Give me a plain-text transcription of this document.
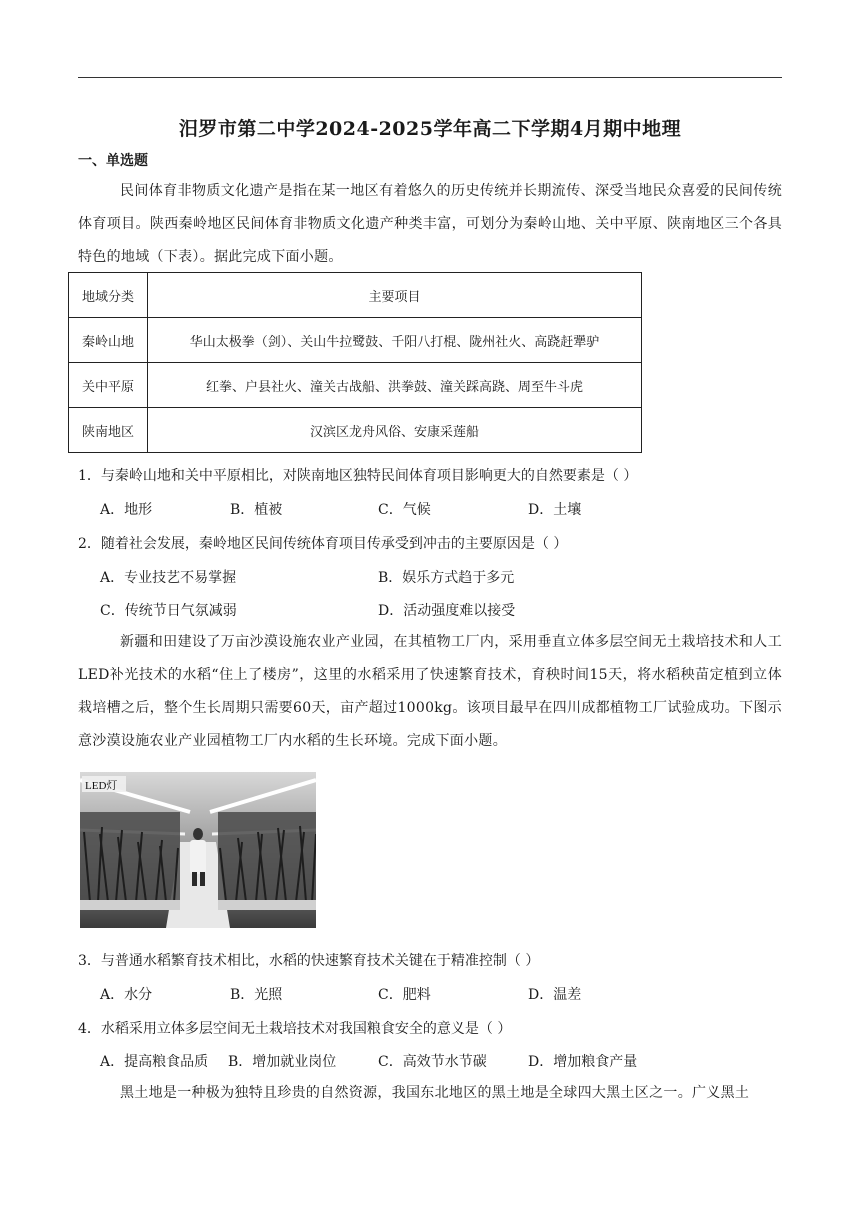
汨罗市第二中学2024-2025学年高二下学期4月期中地理
一、单选题
民间体育非物质文化遗产是指在某一地区有着悠久的历史传统并长期流传、深受当地民众喜爱的民间传统体育项目。陕西秦岭地区民间体育非物质文化遗产种类丰富，可划分为秦岭山地、关中平原、陕南地区三个各具特色的地域（下表）。据此完成下面小题。
地域分类	主要项目
秦岭山地	华山太极拳（剑）、关山牛拉鹭鼓、千阳八打棍、陇州社火、高跷赶犟驴
关中平原	红拳、户县社火、潼关古战船、洪拳鼓、潼关踩高跷、周至牛斗虎
陕南地区	汉滨区龙舟风俗、安康采莲船
1．与秦岭山地和关中平原相比，对陕南地区独特民间体育项目影响更大的自然要素是（ ）
A．地形	B．植被	C．气候	D．土壤
2．随着社会发展，秦岭地区民间传统体育项目传承受到冲击的主要原因是（ ）
A．专业技艺不易掌握	B．娱乐方式趋于多元
C．传统节日气氛减弱	D．活动强度难以接受
新疆和田建设了万亩沙漠设施农业产业园，在其植物工厂内，采用垂直立体多层空间无土栽培技术和人工LED补光技术的水稻“住上了楼房”，这里的水稻采用了快速繁育技术，育秧时间15天，将水稻秧苗定植到立体栽培槽之后，整个生长周期只需要60天，亩产超过1000kg。该项目最早在四川成都植物工厂试验成功。下图示意沙漠设施农业产业园植物工厂内水稻的生长环境。完成下面小题。
LED灯
3．与普通水稻繁育技术相比，水稻的快速繁育技术关键在于精准控制（ ）
A．水分	B．光照	C．肥料	D．温差
4．水稻采用立体多层空间无土栽培技术对我国粮食安全的意义是（ ）
A．提高粮食品质 B．增加就业岗位	C．高效节水节碳	D．增加粮食产量
黑土地是一种极为独特且珍贵的自然资源，我国东北地区的黑土地是全球四大黑土区之一。广义黑土
